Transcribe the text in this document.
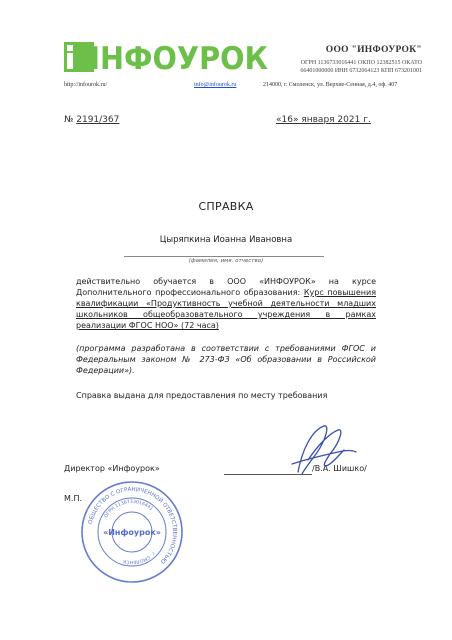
ИНФОУРОК	ООО "ИНФОУРОК"
ОГРН 1136733016441 ОКПО 12382515 ОКАТО
66401000000 ИНН 6732064123 КПП 673201001
http://infourok.ru/	info@infourok.ru	214000, г. Смоленск, ул. Верхне-Сенная, д.4, оф. 407
№ 2191/367	«16» января 2021 г.
СПРАВКА
Цыряпкина Иоанна Ивановна
(фамилия, имя, отчество)
действительно обучается в ООО «ИНФОУРОК» на курсе Дополнительного профессионального образования: Курс повышения квалификации «Продуктивность учебной деятельности младших школьников общеобразовательного учреждения в рамках реализации ФГОС НОО» (72 часа)
(программа разработана в соответствии с требованиями ФГОС и Федеральным законом № 273-ФЗ «Об образовании в Российской Федерации»).
Справка выдана для предоставления по месту требования
Директор «Инфоурок»	/В.А. Шишко/
М.П.
ОБЩЕСТВО С ОГРАНИЧЕННОЙ ОТВЕТСТВЕННОСТЬЮ
ОГРН 1136733016441
г. СМОЛЕНСК
«Инфоурок»
